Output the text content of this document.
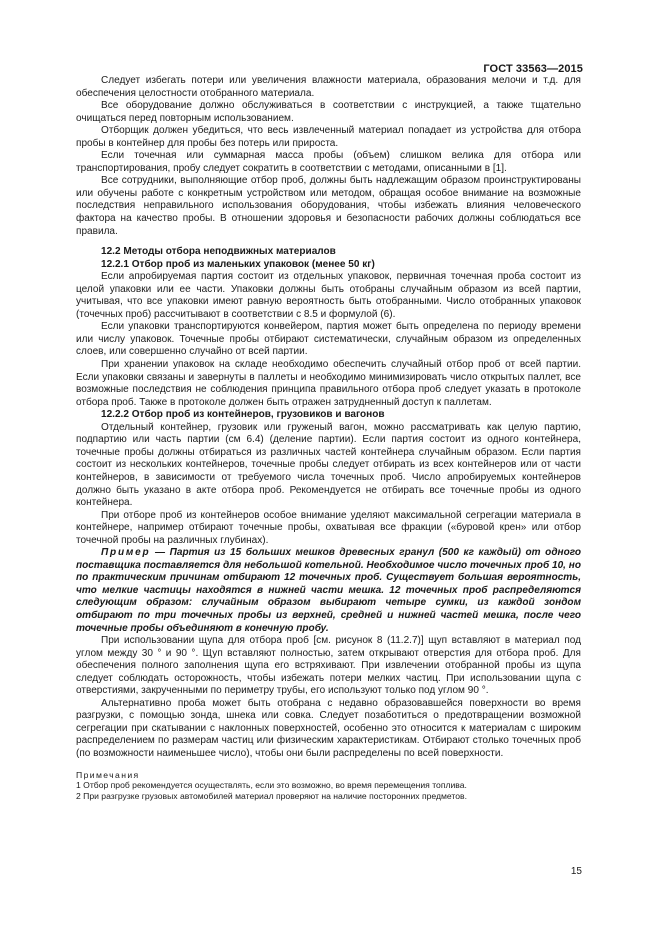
ГОСТ 33563—2015

Следует избегать потери или увеличения влажности материала, образования мелочи и т.д. для обеспечения целостности отобранного материала.

Все оборудование должно обслуживаться в соответствии с инструкцией, а также тщательно очищаться перед повторным использованием.

Отборщик должен убедиться, что весь извлеченный материал попадает из устройства для отбора пробы в контейнер для пробы без потерь или прироста.

Если точечная или суммарная масса пробы (объем) слишком велика для отбора или транспортирования, пробу следует сократить в соответствии с методами, описанными в [1].

Все сотрудники, выполняющие отбор проб, должны быть надлежащим образом проинструктированы или обучены работе с конкретным устройством или методом, обращая особое внимание на возможные последствия неправильного использования оборудования, чтобы избежать влияния человеческого фактора на качество пробы. В отношении здоровья и безопасности рабочих должны соблюдаться все правила.

12.2 Методы отбора неподвижных материалов
12.2.1 Отбор проб из маленьких упаковок (менее 50 кг)

Если апробируемая партия состоит из отдельных упаковок, первичная точечная проба состоит из целой упаковки или ее части. Упаковки должны быть отобраны случайным образом из всей партии, учитывая, что все упаковки имеют равную вероятность быть отобранными. Число отобранных упаковок (точечных проб) рассчитывают в соответствии с 8.5 и формулой (6).

Если упаковки транспортируются конвейером, партия может быть определена по периоду времени или числу упаковок. Точечные пробы отбирают систематически, случайным образом из определенных слоев, или совершенно случайно от всей партии.

При хранении упаковок на складе необходимо обеспечить случайный отбор проб от всей партии. Если упаковки связаны и завернуты в паллеты и необходимо минимизировать число открытых паллет, все возможные последствия не соблюдения принципа правильного отбора проб следует указать в протоколе отбора проб. Также в протоколе должен быть отражен затрудненный доступ к паллетам.

12.2.2 Отбор проб из контейнеров, грузовиков и вагонов

Отдельный контейнер, грузовик или груженый вагон, можно рассматривать как целую партию, подпартию или часть партии (см 6.4) (деление партии). Если партия состоит из одного контейнера, точечные пробы должны отбираться из различных частей контейнера случайным образом. Если партия состоит из нескольких контейнеров, точечные пробы следует отбирать из всех контейнеров или от части контейнеров, в зависимости от требуемого числа точечных проб. Число апробируемых контейнеров должно быть указано в акте отбора проб. Рекомендуется не отбирать все точечные пробы из одного контейнера.

При отборе проб из контейнеров особое внимание уделяют максимальной сегрегации материала в контейнере, например отбирают точечные пробы, охватывая все фракции («буровой крен» или отбор точечной пробы на различных глубинах).

Пример — Партия из 15 больших мешков древесных гранул (500 кг каждый) от одного поставщика поставляется для небольшой котельной. Необходимое число точечных проб 10, но по практическим причинам отбирают 12 точечных проб. Существует большая вероятность, что мелкие частицы находятся в нижней части мешка. 12 точечных проб распределяются следующим образом: случайным образом выбирают четыре сумки, из каждой зондом отбирают по три точечных пробы из верхней, средней и нижней частей мешка, после чего точечные пробы объединяют в конечную пробу.

При использовании щупа для отбора проб [см. рисунок 8 (11.2.7)] щуп вставляют в материал под углом между 30 ° и 90 °. Щуп вставляют полностью, затем открывают отверстия для отбора проб. Для обеспечения полного заполнения щупа его встряхивают. При извлечении отобранной пробы из щупа следует соблюдать осторожность, чтобы избежать потери мелких частиц. При использовании щупа с отверстиями, закрученными по периметру трубы, его используют только под углом 90 °.

Альтернативно проба может быть отобрана с недавно образовавшейся поверхности во время разгрузки, с помощью зонда, шнека или совка. Следует позаботиться о предотвращении возможной сегрегации при скатывании с наклонных поверхностей, особенно это относится к материалам с широким распределением по размерам частиц или физическим характеристикам. Отбирают столько точечных проб (по возможности наименьшее число), чтобы они были распределены по всей поверхности.

Примечания
1 Отбор проб рекомендуется осуществлять, если это возможно, во время перемещения топлива.
2 При разгрузке грузовых автомобилей материал проверяют на наличие посторонних предметов.
15
